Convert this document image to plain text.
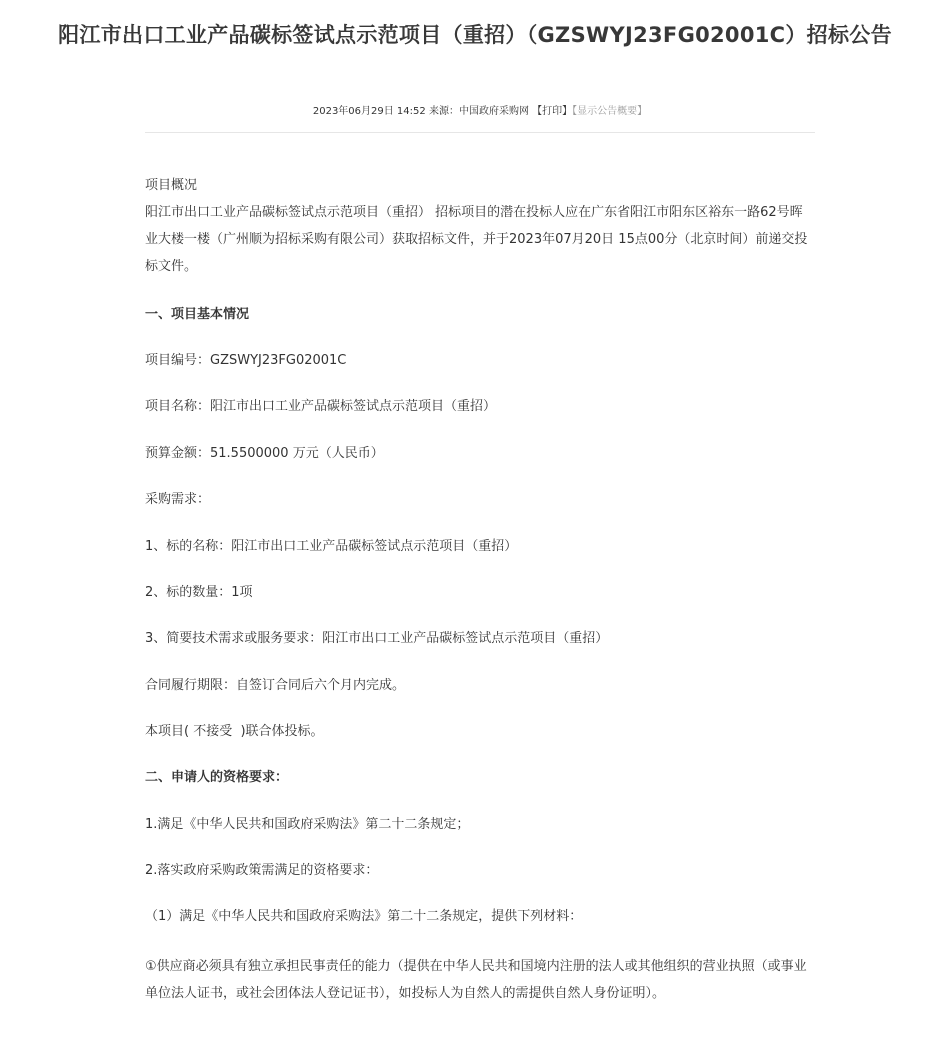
阳江市出口工业产品碳标签试点示范项目（重招）（GZSWYJ23FG02001C）招标公告
2023年06月29日 14:52 来源：中国政府采购网 【打印】【显示公告概要】

项目概况

阳江市出口工业产品碳标签试点示范项目（重招） 招标项目的潜在投标人应在广东省阳江市阳东区裕东一路62号晖业大楼一楼（广州顺为招标采购有限公司）获取招标文件，并于2023年07月20日 15点00分（北京时间）前递交投标文件。

一、项目基本情况

项目编号：GZSWYJ23FG02001C

项目名称：阳江市出口工业产品碳标签试点示范项目（重招）

预算金额：51.5500000 万元（人民币）

采购需求：

1、标的名称：阳江市出口工业产品碳标签试点示范项目（重招）

2、标的数量：1项

3、简要技术需求或服务要求：阳江市出口工业产品碳标签试点示范项目（重招）

合同履行期限：自签订合同后六个月内完成。

本项目( 不接受  )联合体投标。

二、申请人的资格要求：

1.满足《中华人民共和国政府采购法》第二十二条规定；

2.落实政府采购政策需满足的资格要求：

（1）满足《中华人民共和国政府采购法》第二十二条规定，提供下列材料：

①供应商必须具有独立承担民事责任的能力（提供在中华人民共和国境内注册的法人或其他组织的营业执照（或事业单位法人证书，或社会团体法人登记证书），如投标人为自然人的需提供自然人身份证明）。
